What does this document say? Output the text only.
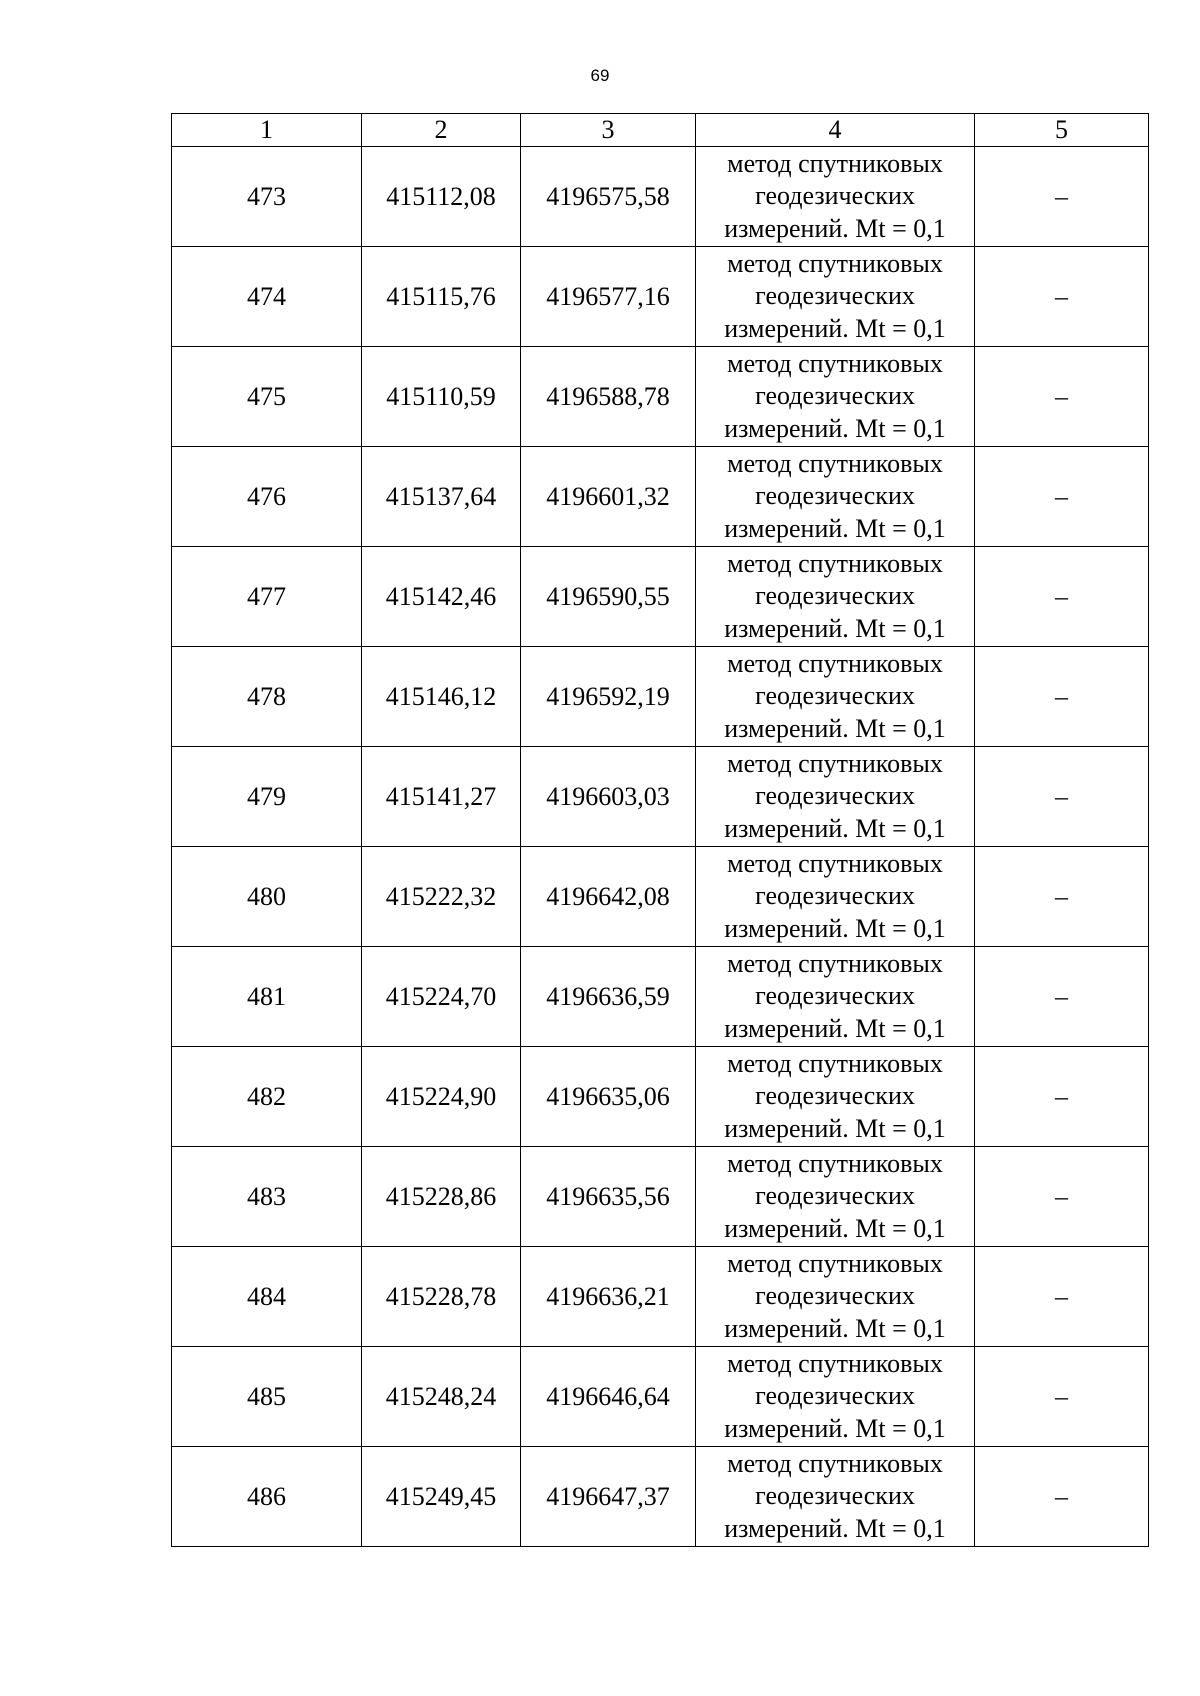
69
1	2	3	4	5
473	415112,08	4196575,58	метод спутниковых
геодезических
измерений. Mt = 0,1	–
474	415115,76	4196577,16	метод спутниковых
геодезических
измерений. Mt = 0,1	–
475	415110,59	4196588,78	метод спутниковых
геодезических
измерений. Mt = 0,1	–
476	415137,64	4196601,32	метод спутниковых
геодезических
измерений. Mt = 0,1	–
477	415142,46	4196590,55	метод спутниковых
геодезических
измерений. Mt = 0,1	–
478	415146,12	4196592,19	метод спутниковых
геодезических
измерений. Mt = 0,1	–
479	415141,27	4196603,03	метод спутниковых
геодезических
измерений. Mt = 0,1	–
480	415222,32	4196642,08	метод спутниковых
геодезических
измерений. Mt = 0,1	–
481	415224,70	4196636,59	метод спутниковых
геодезических
измерений. Mt = 0,1	–
482	415224,90	4196635,06	метод спутниковых
геодезических
измерений. Mt = 0,1	–
483	415228,86	4196635,56	метод спутниковых
геодезических
измерений. Mt = 0,1	–
484	415228,78	4196636,21	метод спутниковых
геодезических
измерений. Mt = 0,1	–
485	415248,24	4196646,64	метод спутниковых
геодезических
измерений. Mt = 0,1	–
486	415249,45	4196647,37	метод спутниковых
геодезических
измерений. Mt = 0,1	–
